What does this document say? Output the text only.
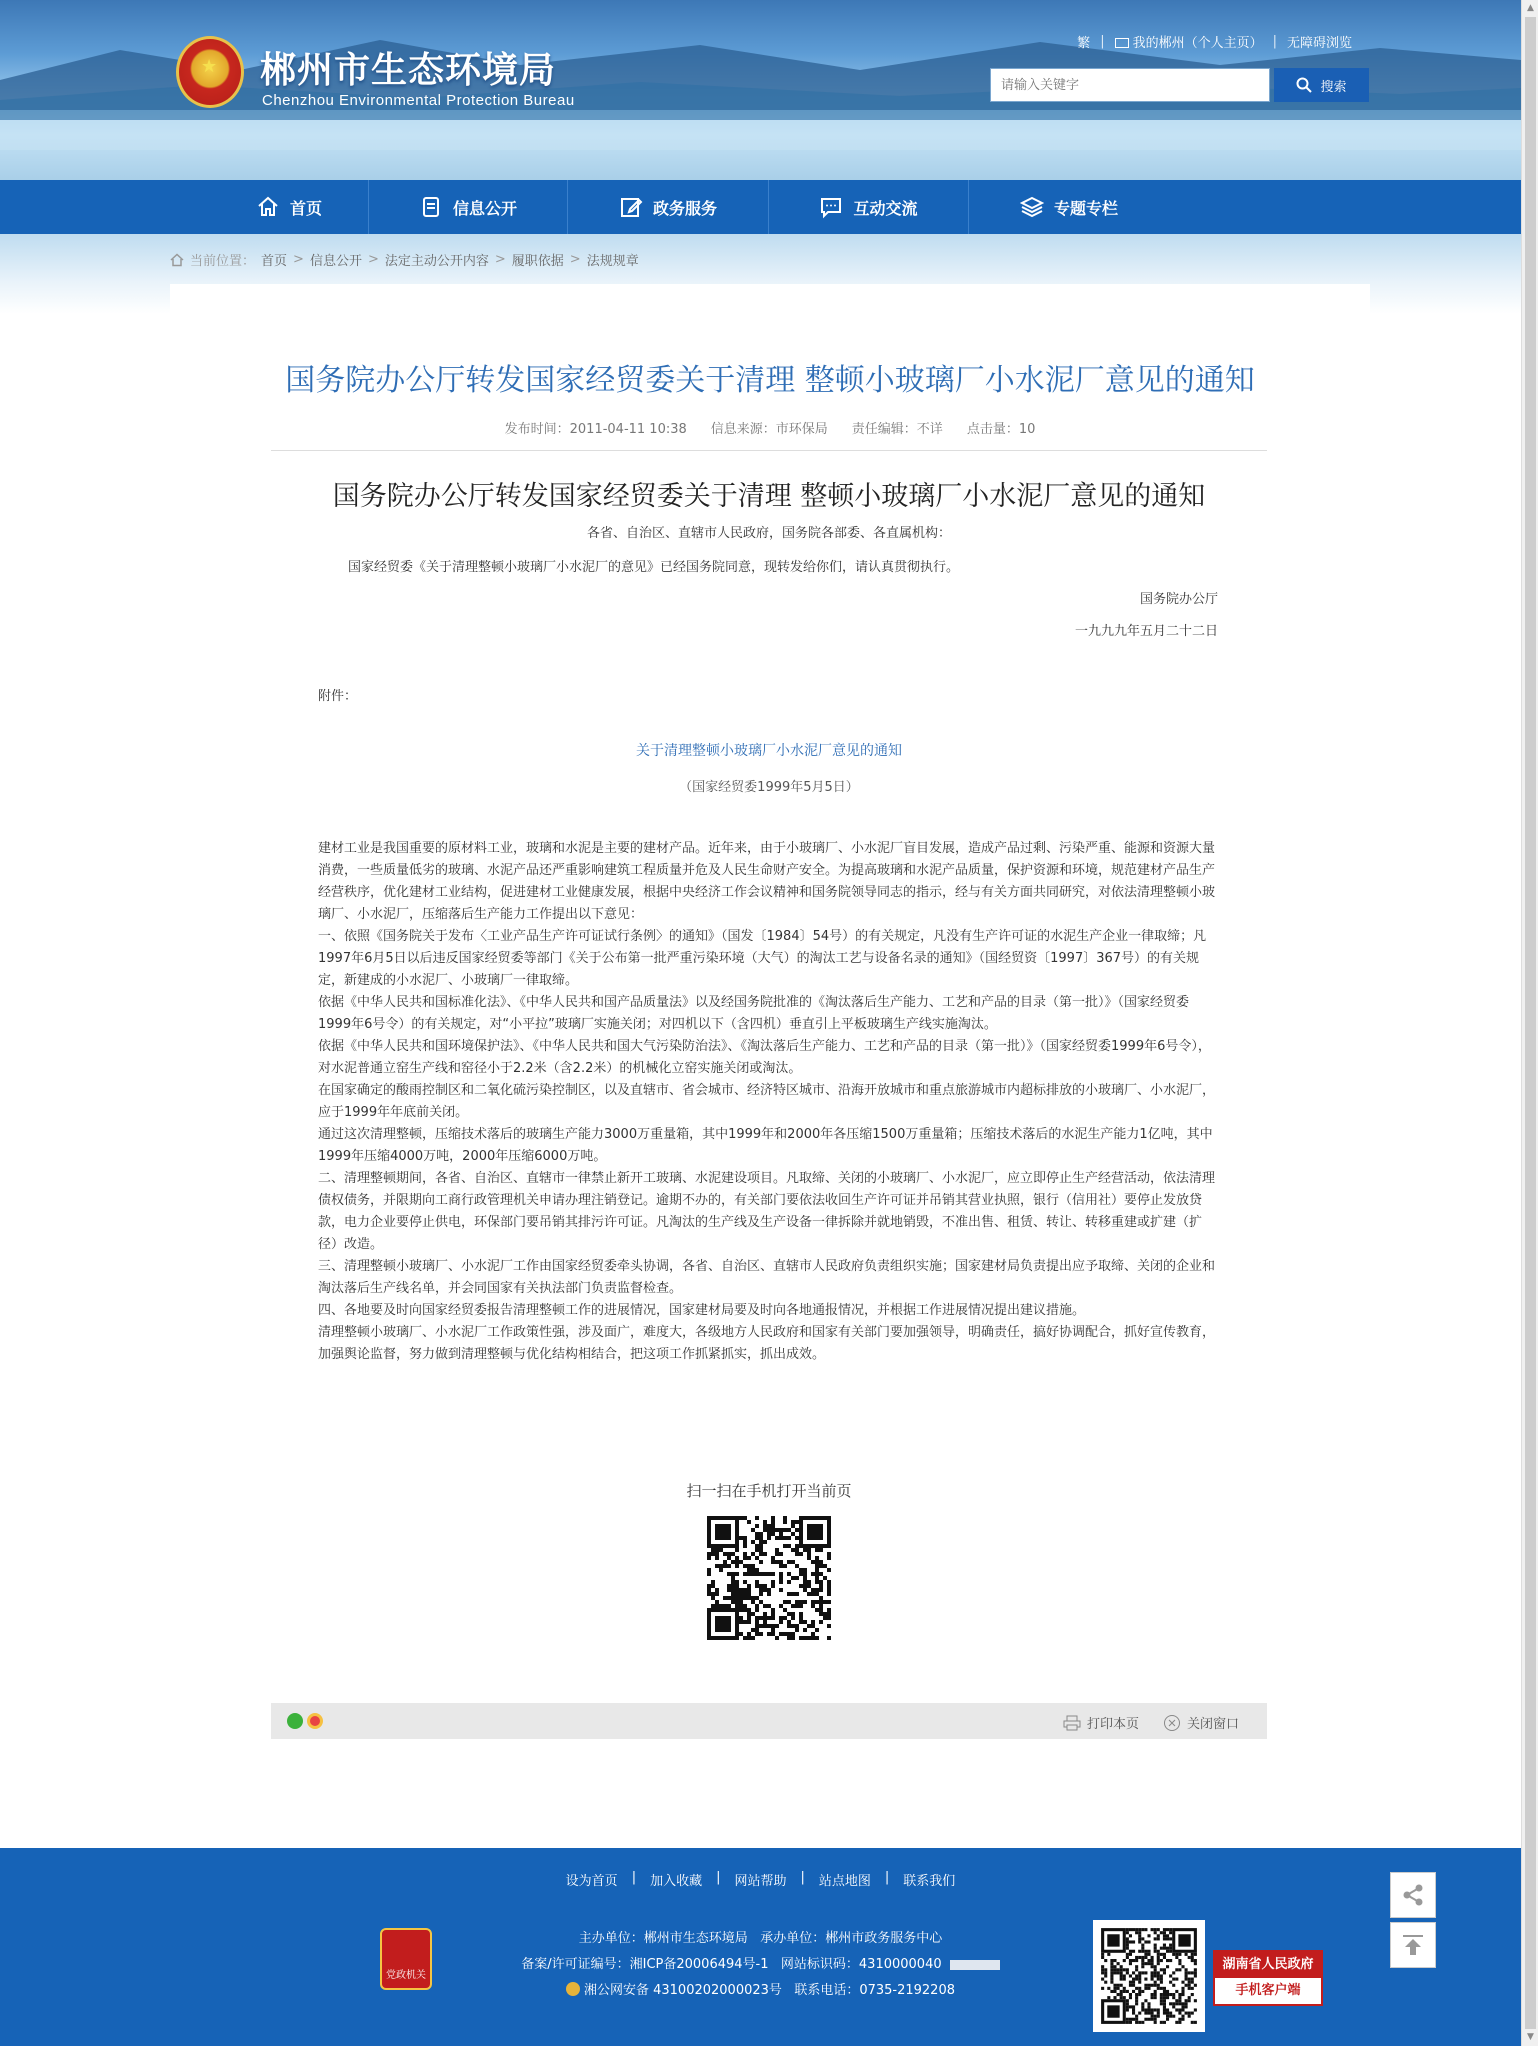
★ 郴州市生态环境局
Chenzhou Environmental Protection Bureau
繁 |	我的郴州（个人主页） | 无障碍浏览
请输入关键字
搜索
首页	信息公开	政务服务	互动交流	专题专栏
当前位置： 首页 > 信息公开 > 法定主动公开内容 > 履职依据 > 法规规章
国务院办公厅转发国家经贸委关于清理 整顿小玻璃厂小水泥厂意见的通知
发布时间：2011-04-11 10:38 信息来源：市环保局 责任编辑：不详 点击量：10
国务院办公厅转发国家经贸委关于清理 整顿小玻璃厂小水泥厂意见的通知
各省、自治区、直辖市人民政府，国务院各部委、各直属机构：
国家经贸委《关于清理整顿小玻璃厂小水泥厂的意见》已经国务院同意，现转发给你们，请认真贯彻执行。
国务院办公厅
一九九九年五月二十二日
附件：
关于清理整顿小玻璃厂小水泥厂意见的通知
（国家经贸委1999年5月5日）

建材工业是我国重要的原材料工业，玻璃和水泥是主要的建材产品。近年来，由于小玻璃厂、小水泥厂盲目发展，造成产品过剩、污染严重、能源和资源大量消费，一些质量低劣的玻璃、水泥产品还严重影响建筑工程质量并危及人民生命财产安全。为提高玻璃和水泥产品质量，保护资源和环境，规范建材产品生产经营秩序，优化建材工业结构，促进建材工业健康发展，根据中央经济工作会议精神和国务院领导同志的指示，经与有关方面共同研究，对依法清理整顿小玻璃厂、小水泥厂，压缩落后生产能力工作提出以下意见：

一、依照《国务院关于发布〈工业产品生产许可证试行条例〉的通知》（国发〔1984〕54号）的有关规定，凡没有生产许可证的水泥生产企业一律取缔；凡1997年6月5日以后违反国家经贸委等部门《关于公布第一批严重污染环境（大气）的淘汰工艺与设备名录的通知》（国经贸资〔1997〕367号）的有关规定，新建成的小水泥厂、小玻璃厂一律取缔。

依据《中华人民共和国标准化法》、《中华人民共和国产品质量法》以及经国务院批准的《淘汰落后生产能力、工艺和产品的目录（第一批）》（国家经贸委1999年6号令）的有关规定，对“小平拉”玻璃厂实施关闭；对四机以下（含四机）垂直引上平板玻璃生产线实施淘汰。

依据《中华人民共和国环境保护法》、《中华人民共和国大气污染防治法》、《淘汰落后生产能力、工艺和产品的目录（第一批）》（国家经贸委1999年6号令），对水泥普通立窑生产线和窑径小于2.2米（含2.2米）的机械化立窑实施关闭或淘汰。

在国家确定的酸雨控制区和二氧化硫污染控制区，以及直辖市、省会城市、经济特区城市、沿海开放城市和重点旅游城市内超标排放的小玻璃厂、小水泥厂，应于1999年年底前关闭。

通过这次清理整顿，压缩技术落后的玻璃生产能力3000万重量箱，其中1999年和2000年各压缩1500万重量箱；压缩技术落后的水泥生产能力1亿吨，其中1999年压缩4000万吨，2000年压缩6000万吨。

二、清理整顿期间，各省、自治区、直辖市一律禁止新开工玻璃、水泥建设项目。凡取缔、关闭的小玻璃厂、小水泥厂，应立即停止生产经营活动，依法清理债权债务，并限期向工商行政管理机关申请办理注销登记。逾期不办的，有关部门要依法收回生产许可证并吊销其营业执照，银行（信用社）要停止发放贷款，电力企业要停止供电，环保部门要吊销其排污许可证。凡淘汰的生产线及生产设备一律拆除并就地销毁，不准出售、租赁、转让、转移重建或扩建（扩径）改造。

三、清理整顿小玻璃厂、小水泥厂工作由国家经贸委牵头协调，各省、自治区、直辖市人民政府负责组织实施；国家建材局负责提出应予取缔、关闭的企业和淘汰落后生产线名单，并会同国家有关执法部门负责监督检查。

四、各地要及时向国家经贸委报告清理整顿工作的进展情况，国家建材局要及时向各地通报情况，并根据工作进展情况提出建议措施。

清理整顿小玻璃厂、小水泥厂工作政策性强，涉及面广，难度大，各级地方人民政府和国家有关部门要加强领导，明确责任，搞好协调配合，抓好宣传教育，加强舆论监督，努力做到清理整顿与优化结构相结合，把这项工作抓紧抓实，抓出成效。

扫一扫在手机打开当前页
打印本页	关闭窗口
设为首页 | 加入收藏 | 网站帮助 | 站点地图 | 联系我们
主办单位：郴州市生态环境局 承办单位：郴州市政务服务中心
备案/许可证编号：湘ICP备20006494号-1 网站标识码：4310000040
湘公网安备 43100202000023号 联系电话：0735-2192208
党政机关
湖南省人民政府
手机客户端
▲
▼
